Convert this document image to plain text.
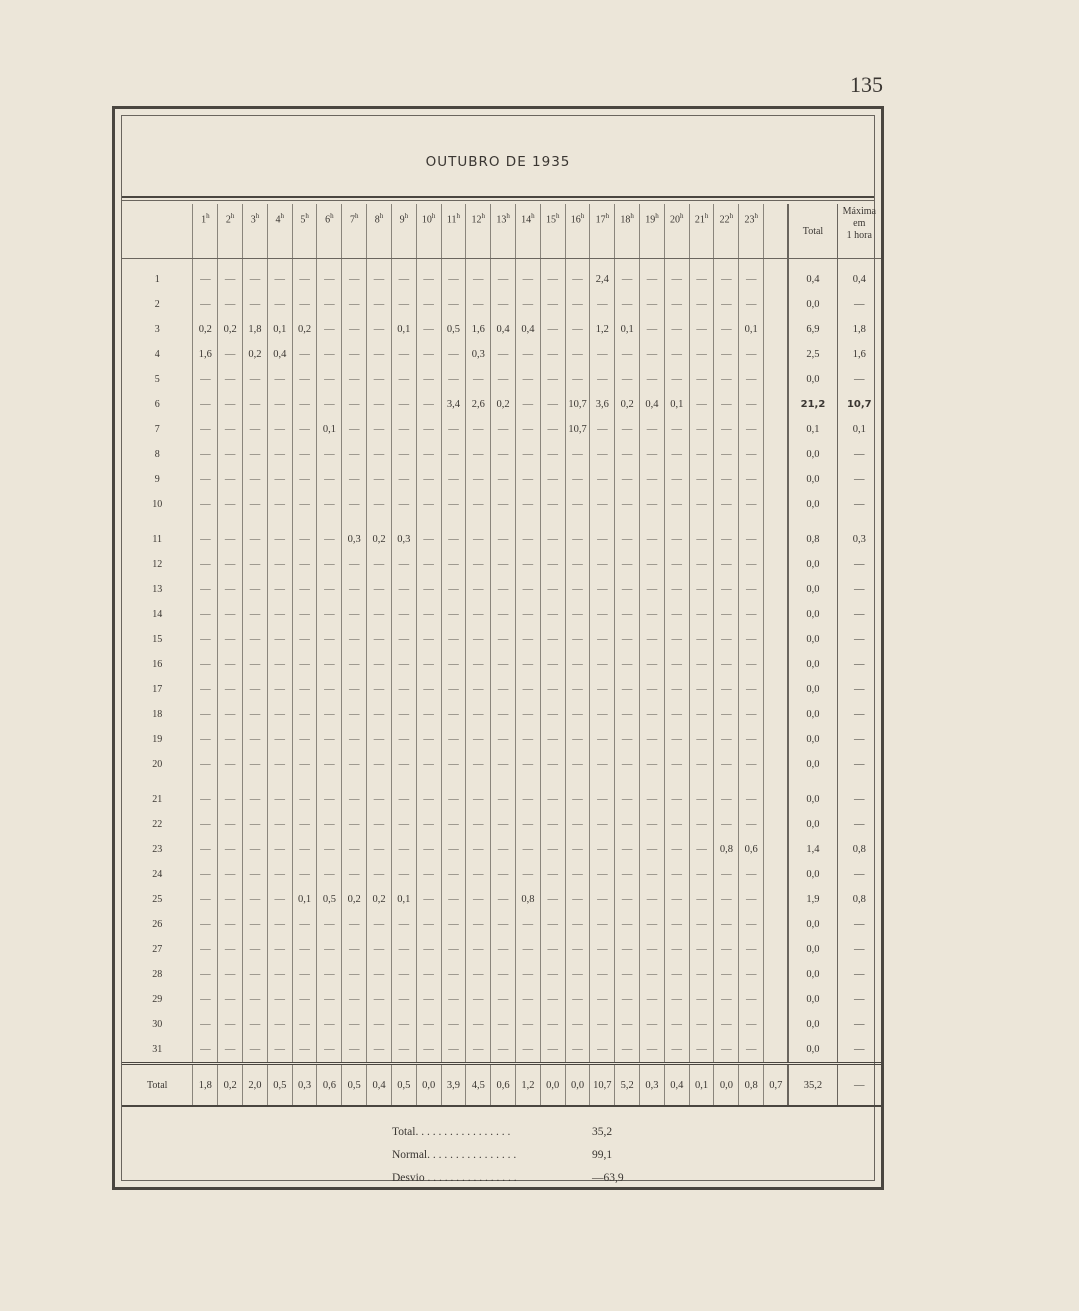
135
OUTUBRO DE 1935
	1$^h$	2$^h$	3$^h$	4$^h$	5$^h$	6$^h$	7$^h$	8$^h$	9$^h$	10$^h$	11$^h$	12$^h$	13$^h$	14$^h$	15$^h$	16$^h$	17$^h$	18$^h$	19$^h$	20$^h$	21$^h$	22$^h$	23$^h$		Total	Máxima
em
1 hora

1	—	—	—	—	—	—	—	—	—	—	—	—	—	—	—	—	2,4	—	—	—	—	—	—		0,4	0,4
2	—	—	—	—	—	—	—	—	—	—	—	—	—	—	—	—	—	—	—	—	—	—	—		0,0	—
3	0,2	0,2	1,8	0,1	0,2	—	—	—	0,1	—	0,5	1,6	0,4	0,4	—	—	1,2	0,1	—	—	—	—	0,1		6,9	1,8
4	1,6	—	0,2	0,4	—	—	—	—	—	—	—	0,3	—	—	—	—	—	—	—	—	—	—	—		2,5	1,6
5	—	—	—	—	—	—	—	—	—	—	—	—	—	—	—	—	—	—	—	—	—	—	—		0,0	—
6	—	—	—	—	—	—	—	—	—	—	3,4	2,6	0,2	—	—	10,7	3,6	0,2	0,4	0,1	—	—	—		21,2	10,7
7	—	—	—	—	—	0,1	—	—	—	—	—	—	—	—	—	10,7	—	—	—	—	—	—	—		0,1	0,1
8	—	—	—	—	—	—	—	—	—	—	—	—	—	—	—	—	—	—	—	—	—	—	—		0,0	—
9	—	—	—	—	—	—	—	—	—	—	—	—	—	—	—	—	—	—	—	—	—	—	—		0,0	—
10	—	—	—	—	—	—	—	—	—	—	—	—	—	—	—	—	—	—	—	—	—	—	—		0,0	—

11	—	—	—	—	—	—	0,3	0,2	0,3	—	—	—	—	—	—	—	—	—	—	—	—	—	—		0,8	0,3
12	—	—	—	—	—	—	—	—	—	—	—	—	—	—	—	—	—	—	—	—	—	—	—		0,0	—
13	—	—	—	—	—	—	—	—	—	—	—	—	—	—	—	—	—	—	—	—	—	—	—		0,0	—
14	—	—	—	—	—	—	—	—	—	—	—	—	—	—	—	—	—	—	—	—	—	—	—		0,0	—
15	—	—	—	—	—	—	—	—	—	—	—	—	—	—	—	—	—	—	—	—	—	—	—		0,0	—
16	—	—	—	—	—	—	—	—	—	—	—	—	—	—	—	—	—	—	—	—	—	—	—		0,0	—
17	—	—	—	—	—	—	—	—	—	—	—	—	—	—	—	—	—	—	—	—	—	—	—		0,0	—
18	—	—	—	—	—	—	—	—	—	—	—	—	—	—	—	—	—	—	—	—	—	—	—		0,0	—
19	—	—	—	—	—	—	—	—	—	—	—	—	—	—	—	—	—	—	—	—	—	—	—		0,0	—
20	—	—	—	—	—	—	—	—	—	—	—	—	—	—	—	—	—	—	—	—	—	—	—		0,0	—

21	—	—	—	—	—	—	—	—	—	—	—	—	—	—	—	—	—	—	—	—	—	—	—		0,0	—
22	—	—	—	—	—	—	—	—	—	—	—	—	—	—	—	—	—	—	—	—	—	—	—		0,0	—
23	—	—	—	—	—	—	—	—	—	—	—	—	—	—	—	—	—	—	—	—	—	0,8	0,6		1,4	0,8
24	—	—	—	—	—	—	—	—	—	—	—	—	—	—	—	—	—	—	—	—	—	—	—		0,0	—
25	—	—	—	—	0,1	0,5	0,2	0,2	0,1	—	—	—	—	0,8	—	—	—	—	—	—	—	—	—		1,9	0,8
26	—	—	—	—	—	—	—	—	—	—	—	—	—	—	—	—	—	—	—	—	—	—	—		0,0	—
27	—	—	—	—	—	—	—	—	—	—	—	—	—	—	—	—	—	—	—	—	—	—	—		0,0	—
28	—	—	—	—	—	—	—	—	—	—	—	—	—	—	—	—	—	—	—	—	—	—	—		0,0	—
29	—	—	—	—	—	—	—	—	—	—	—	—	—	—	—	—	—	—	—	—	—	—	—		0,0	—
30	—	—	—	—	—	—	—	—	—	—	—	—	—	—	—	—	—	—	—	—	—	—	—		0,0	—
31	—	—	—	—	—	—	—	—	—	—	—	—	—	—	—	—	—	—	—	—	—	—	—		0,0	—
Total	1,8	0,2	2,0	0,5	0,3	0,6	0,5	0,4	0,5	0,0	3,9	4,5	0,6	1,2	0,0	0,0	10,7	5,2	0,3	0,4	0,1	0,0	0,8	0,7	35,2	—
Total. . . . . . . . . . . . . . . . .	35,2
Normal. . . . . . . . . . . . . . . .	99,1
Desvio . . . . . . . . . . . . . . . .	—63,9
